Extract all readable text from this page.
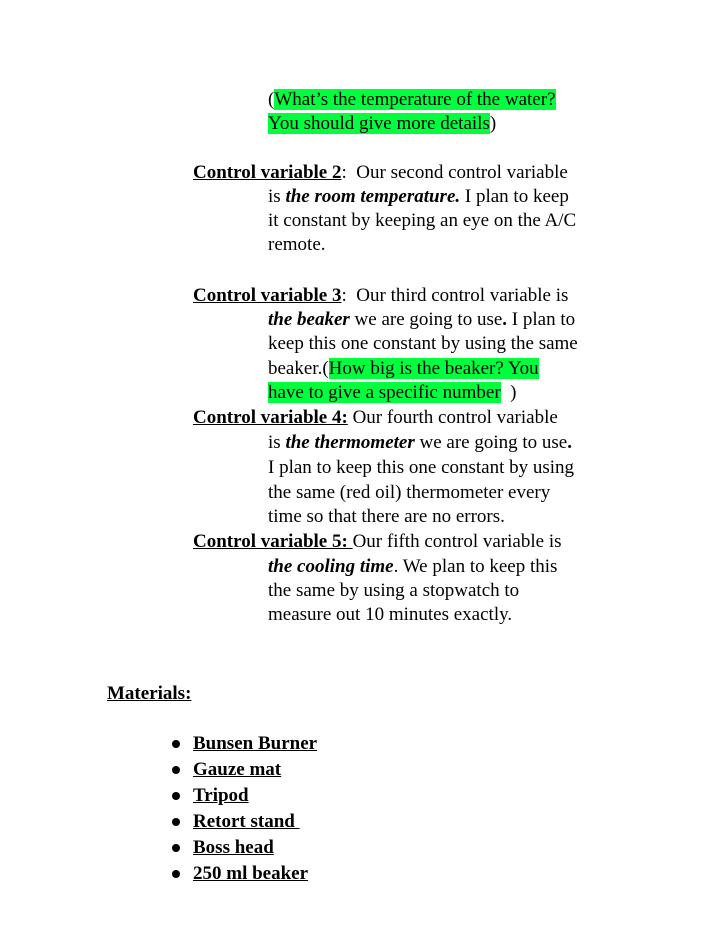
(What’s the temperature of the water?
You should give more details)
Control variable 2:  Our second control variable
is the room temperature. I plan to keep
it constant by keeping an eye on the A/C
remote.
Control variable 3:  Our third control variable is
the beaker we are going to use. I plan to
keep this one constant by using the same
beaker.(How big is the beaker? You
have to give a specific number  )
Control variable 4: Our fourth control variable
is the thermometer we are going to use.
I plan to keep this one constant by using
the same (red oil) thermometer every
time so that there are no errors.
Control variable 5: Our fifth control variable is
the cooling time. We plan to keep this
the same by using a stopwatch to
measure out 10 minutes exactly.
Materials:
Bunsen Burner
Gauze mat
Tripod
Retort stand
Boss head
250 ml beaker
